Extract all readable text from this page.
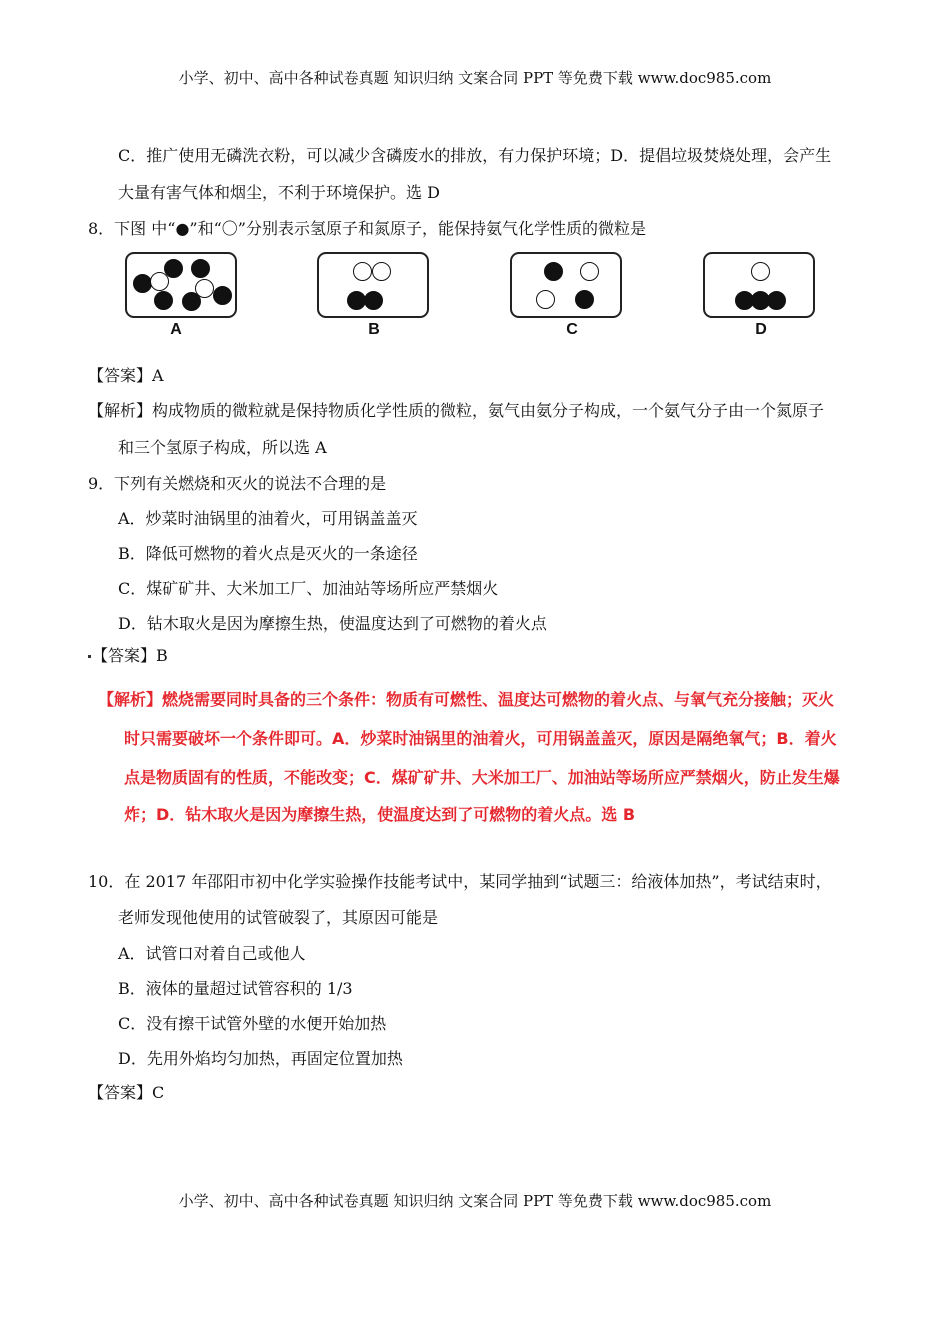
小学、初中、高中各种试卷真题 知识归纳 文案合同 PPT 等免费下载 www.doc985.com
C．推广使用无磷洗衣粉，可以减少含磷废水的排放，有力保护环境；D．提倡垃圾焚烧处理，会产生
大量有害气体和烟尘，不利于环境保护。选 D
8．下图 中“●”和“〇”分别表示氢原子和氮原子，能保持氨气化学性质的微粒是
A	B	C	D
【答案】A
【解析】构成物质的微粒就是保持物质化学性质的微粒，氨气由氨分子构成，一个氨气分子由一个氮原子
和三个氢原子构成，所以选 A
9．下列有关燃烧和灭火的说法不合理的是
A．炒菜时油锅里的油着火，可用锅盖盖灭
B．降低可燃物的着火点是灭火的一条途径
C．煤矿矿井、大米加工厂、加油站等场所应严禁烟火
D．钻木取火是因为摩擦生热，使温度达到了可燃物的着火点
【答案】B
【解析】燃烧需要同时具备的三个条件：物质有可燃性、温度达可燃物的着火点、与氧气充分接触；灭火
时只需要破坏一个条件即可。A．炒菜时油锅里的油着火，可用锅盖盖灭，原因是隔绝氧气；B．着火
点是物质固有的性质，不能改变；C．煤矿矿井、大米加工厂、加油站等场所应严禁烟火，防止发生爆
炸；D．钻木取火是因为摩擦生热，使温度达到了可燃物的着火点。选 B
10．在 2017 年邵阳市初中化学实验操作技能考试中，某同学抽到“试题三：给液体加热”，考试结束时，
老师发现他使用的试管破裂了，其原因可能是
A．试管口对着自己或他人
B．液体的量超过试管容积的 1/3
C．没有擦干试管外壁的水便开始加热
D．先用外焰均匀加热，再固定位置加热
【答案】C
小学、初中、高中各种试卷真题 知识归纳 文案合同 PPT 等免费下载 www.doc985.com
